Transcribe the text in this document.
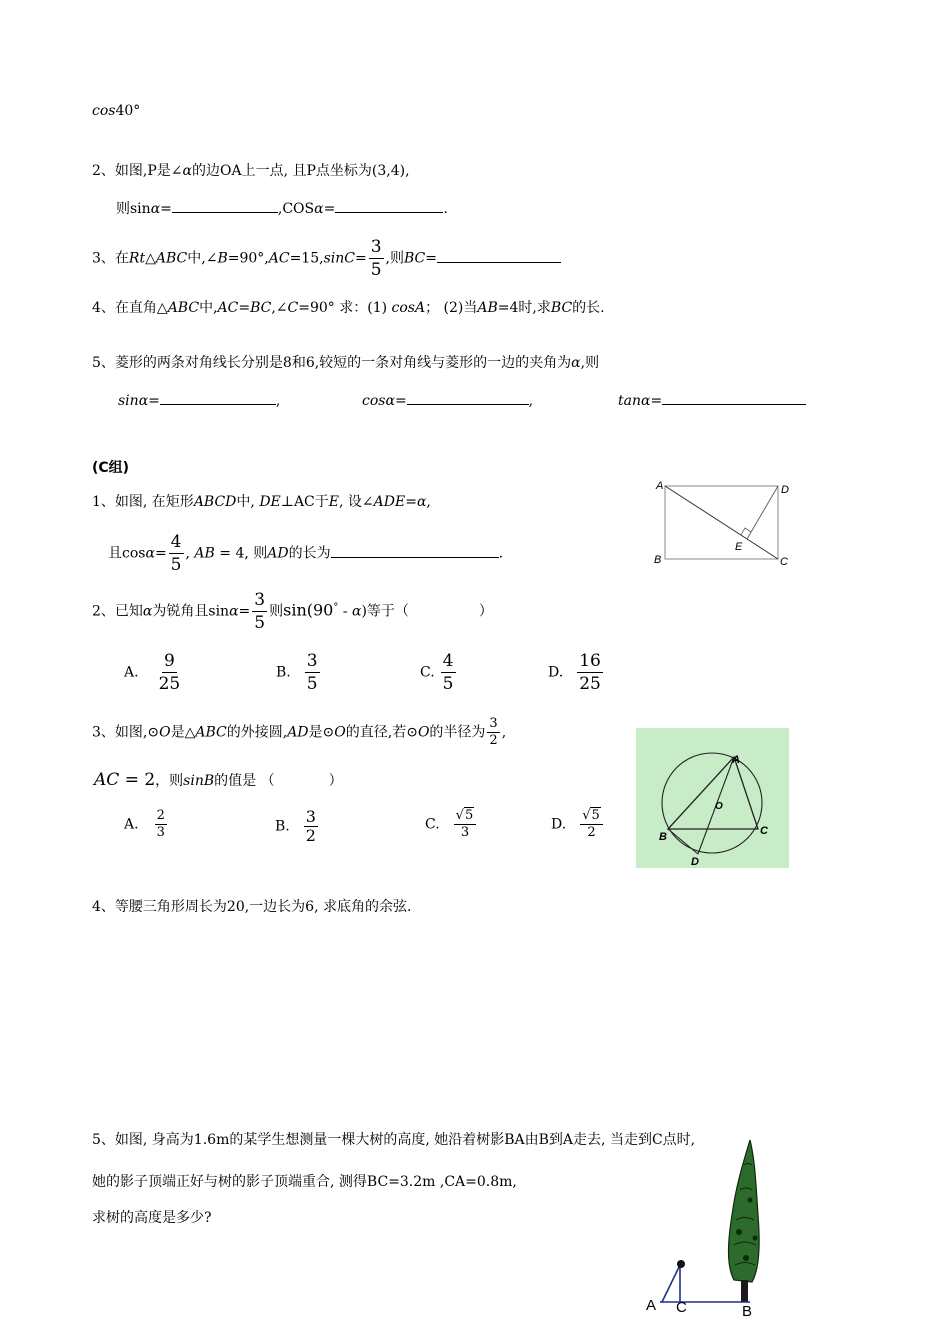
cos40°
2、如图,P是∠α的边OA上一点, 且P点坐标为(3,4),
则sinα=	,COSα=	.
3、在Rt△ABC中,∠B=90°,AC=15,sinC= $\frac{3}{5}$ ,则BC=
4、在直角△ABC中,AC=BC,∠C=90° 求：(1) cosA； (2)当AB=4时,求BC的长.
5、菱形的两条对角线长分别是8和6,较短的一条对角线与菱形的一边的夹角为α,则
sinα=	,	cosα=	,	tanα=
(C组)
1、如图, 在矩形ABCD中, DE⊥AC于E, 设∠ADE=α,
且$\cos\alpha= \frac{4}{5}$ , AB = 4, 则AD的长为	.
A	D
B	C
E
2、已知α为锐角且$\sin\alpha= \frac{3}{5}$ 则sin(90° - α)等于（	）
A. $\frac{9}{25}$	B. $\frac{3}{5}$	C. $\frac{4}{5}$	D. $\frac{16}{25}$
3、如图,⊙O是△ABC的外接圆,AD是⊙O的直径,若⊙O的半径为 $\frac{3}{2}$ ,
AC = 2，则sinB的值是 （	）
A. $\frac{2}{3}$	B. $\frac{3}{2}$	C. $\frac{√5}{3}$	D. $\frac{√5}{2}$
A
B	C
D
O
4、等腰三角形周长为20,一边长为6, 求底角的余弦.
5、如图, 身高为1.6m的某学生想测量一棵大树的高度, 她沿着树影BA由B到A走去, 当走到C点时,
她的影子顶端正好与树的影子顶端重合, 测得BC=3.2m ,CA=0.8m,
求树的高度是多少?
A C	B
